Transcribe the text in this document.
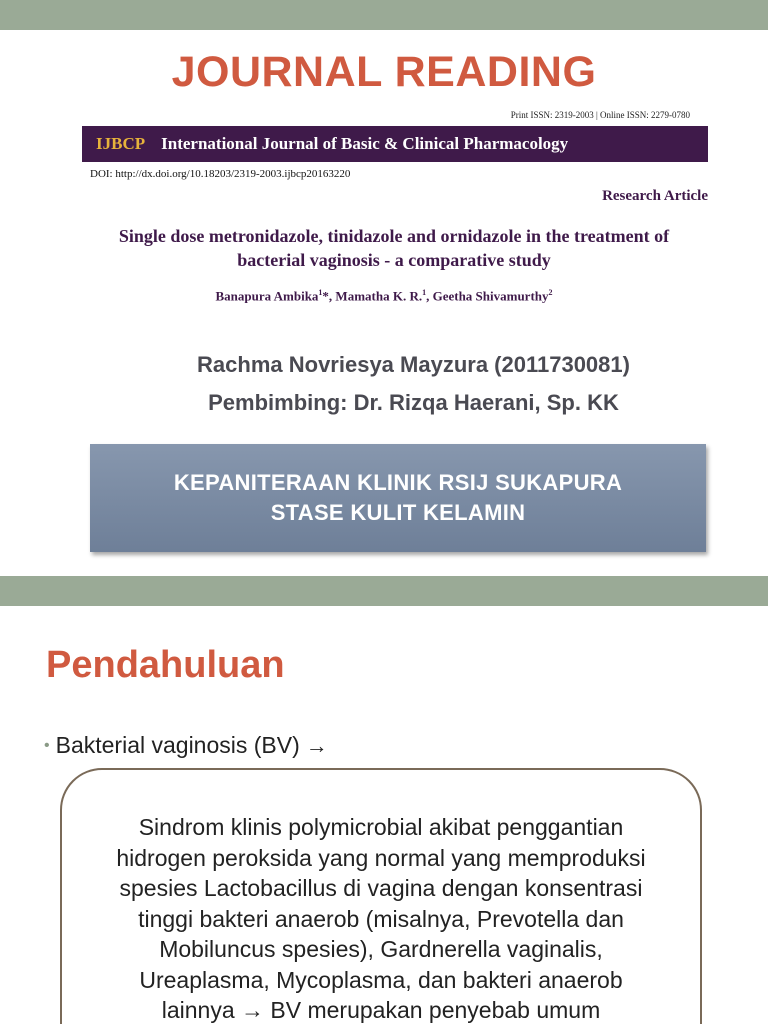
JOURNAL READING
Print ISSN: 2319-2003 | Online ISSN: 2279-0780
IJBCP International Journal of Basic & Clinical Pharmacology
DOI: http://dx.doi.org/10.18203/2319-2003.ijbcp20163220
Research Article
Single dose metronidazole, tinidazole and ornidazole in the treatment of
bacterial vaginosis - a comparative study
Banapura Ambika$^1$*, Mamatha K. R.$^1$, Geetha Shivamurthy$^2$
Rachma Novriesya Mayzura (2011730081)
Pembimbing: Dr. Rizqa Haerani, Sp. KK
KEPANITERAAN KLINIK RSIJ SUKAPURA
STASE KULIT KELAMIN
Pendahuluan
• Bakterial vaginosis (BV) →
Sindrom klinis polymicrobial akibat penggantian
hidrogen peroksida yang normal yang memproduksi
spesies Lactobacillus di vagina dengan konsentrasi
tinggi bakteri anaerob (misalnya, Prevotella dan
Mobiluncus spesies), Gardnerella vaginalis,
Ureaplasma, Mycoplasma, dan bakteri anaerob
lainnya → BV merupakan penyebab umum
